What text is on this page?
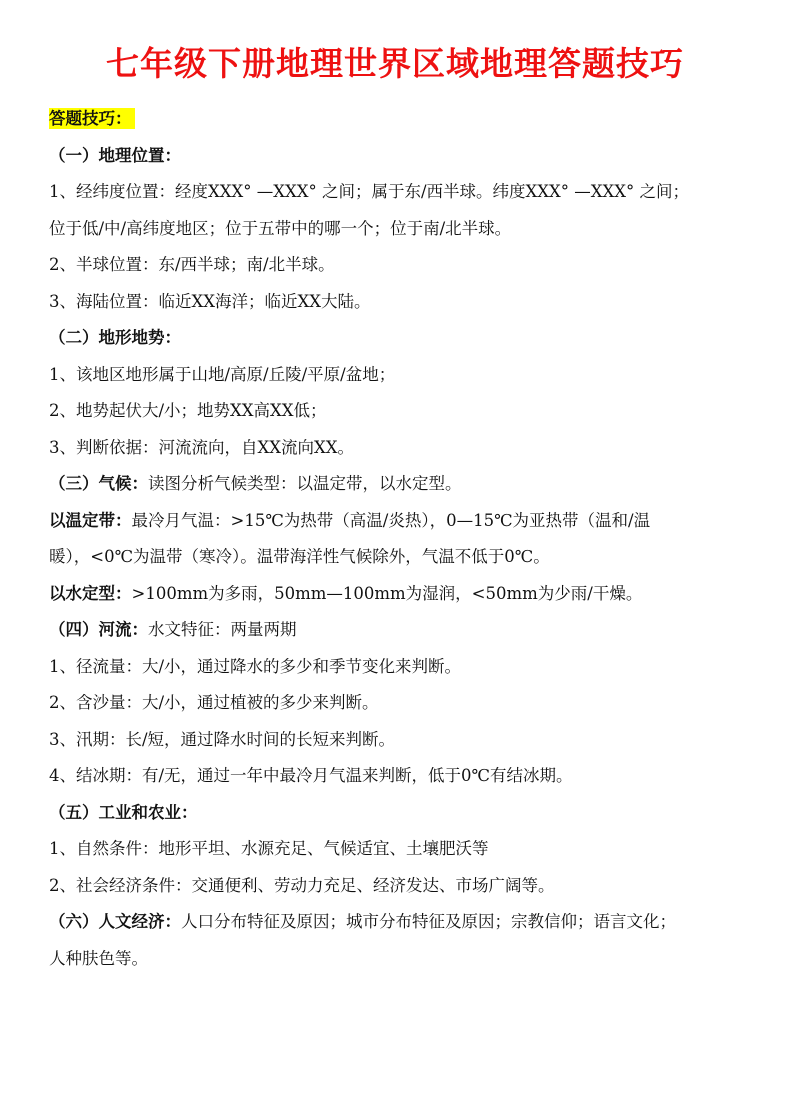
七年级下册地理世界区域地理答题技巧
答题技巧：
（一）地理位置：
1、经纬度位置：经度XXX° —XXX° 之间；属于东/西半球。纬度XXX° —XXX° 之间；
位于低/中/高纬度地区；位于五带中的哪一个；位于南/北半球。
2、半球位置：东/西半球；南/北半球。
3、海陆位置：临近XX海洋；临近XX大陆。
（二）地形地势：
1、该地区地形属于山地/高原/丘陵/平原/盆地；
2、地势起伏大/小；地势XX高XX低；
3、判断依据：河流流向，自XX流向XX。
（三）气候：读图分析气候类型：以温定带，以水定型。
以温定带：最冷月气温：>15℃为热带（高温/炎热），0—15℃为亚热带（温和/温
暖），<0℃为温带（寒冷）。温带海洋性气候除外，气温不低于0℃。
以水定型：>100mm为多雨，50mm—100mm为湿润，<50mm为少雨/干燥。
（四）河流：水文特征：两量两期
1、径流量：大/小，通过降水的多少和季节变化来判断。
2、含沙量：大/小，通过植被的多少来判断。
3、汛期：长/短，通过降水时间的长短来判断。
4、结冰期：有/无，通过一年中最冷月气温来判断，低于0℃有结冰期。
（五）工业和农业：
1、自然条件：地形平坦、水源充足、气候适宜、土壤肥沃等
2、社会经济条件：交通便利、劳动力充足、经济发达、市场广阔等。
（六）人文经济：人口分布特征及原因；城市分布特征及原因；宗教信仰；语言文化；
人种肤色等。
